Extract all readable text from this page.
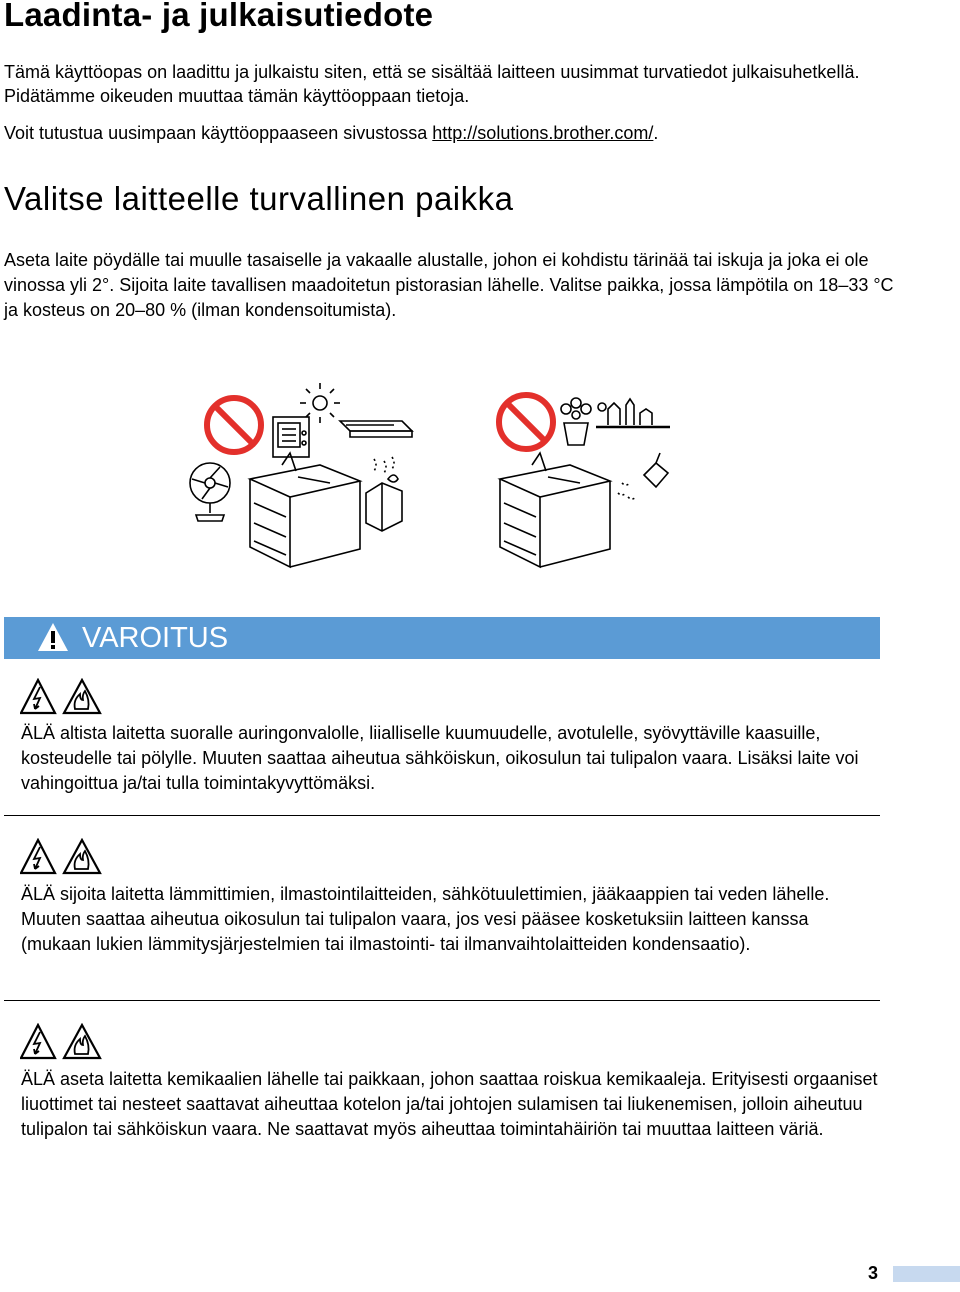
Laadinta- ja julkaisutiedote

Tämä käyttöopas on laadittu ja julkaistu siten, että se sisältää laitteen uusimmat turvatiedot julkaisuhetkellä. Pidätämme oikeuden muuttaa tämän käyttöoppaan tietoja.

Voit tutustua uusimpaan käyttöoppaaseen sivustossa http://solutions.brother.com/.

Valitse laitteelle turvallinen paikka

Aseta laite pöydälle tai muulle tasaiselle ja vakaalle alustalle, johon ei kohdistu tärinää tai iskuja ja joka ei ole vinossa yli 2°. Sijoita laite tavallisen maadoitetun pistorasian lähelle. Valitse paikka, jossa lämpötila on 18–33 °C ja kosteus on 20–80 % (ilman kondensoitumista).

VAROITUS

ÄLÄ altista laitetta suoralle auringonvalolle, liialliselle kuumuudelle, avotulelle, syövyttäville kaasuille, kosteudelle tai pölylle. Muuten saattaa aiheutua sähköiskun, oikosulun tai tulipalon vaara. Lisäksi laite voi vahingoittua ja/tai tulla toimintakyvyttömäksi.

ÄLÄ sijoita laitetta lämmittimien, ilmastointilaitteiden, sähkötuulettimien, jääkaappien tai veden lähelle. Muuten saattaa aiheutua oikosulun tai tulipalon vaara, jos vesi pääsee kosketuksiin laitteen kanssa (mukaan lukien lämmitysjärjestelmien tai ilmastointi- tai ilmanvaihtolaitteiden kondensaatio).

ÄLÄ aseta laitetta kemikaalien lähelle tai paikkaan, johon saattaa roiskua kemikaaleja. Erityisesti orgaaniset liuottimet tai nesteet saattavat aiheuttaa kotelon ja/tai johtojen sulamisen tai liukenemisen, jolloin aiheutuu tulipalon tai sähköiskun vaara. Ne saattavat myös aiheuttaa toimintahäiriön tai muuttaa laitteen väriä.

3
